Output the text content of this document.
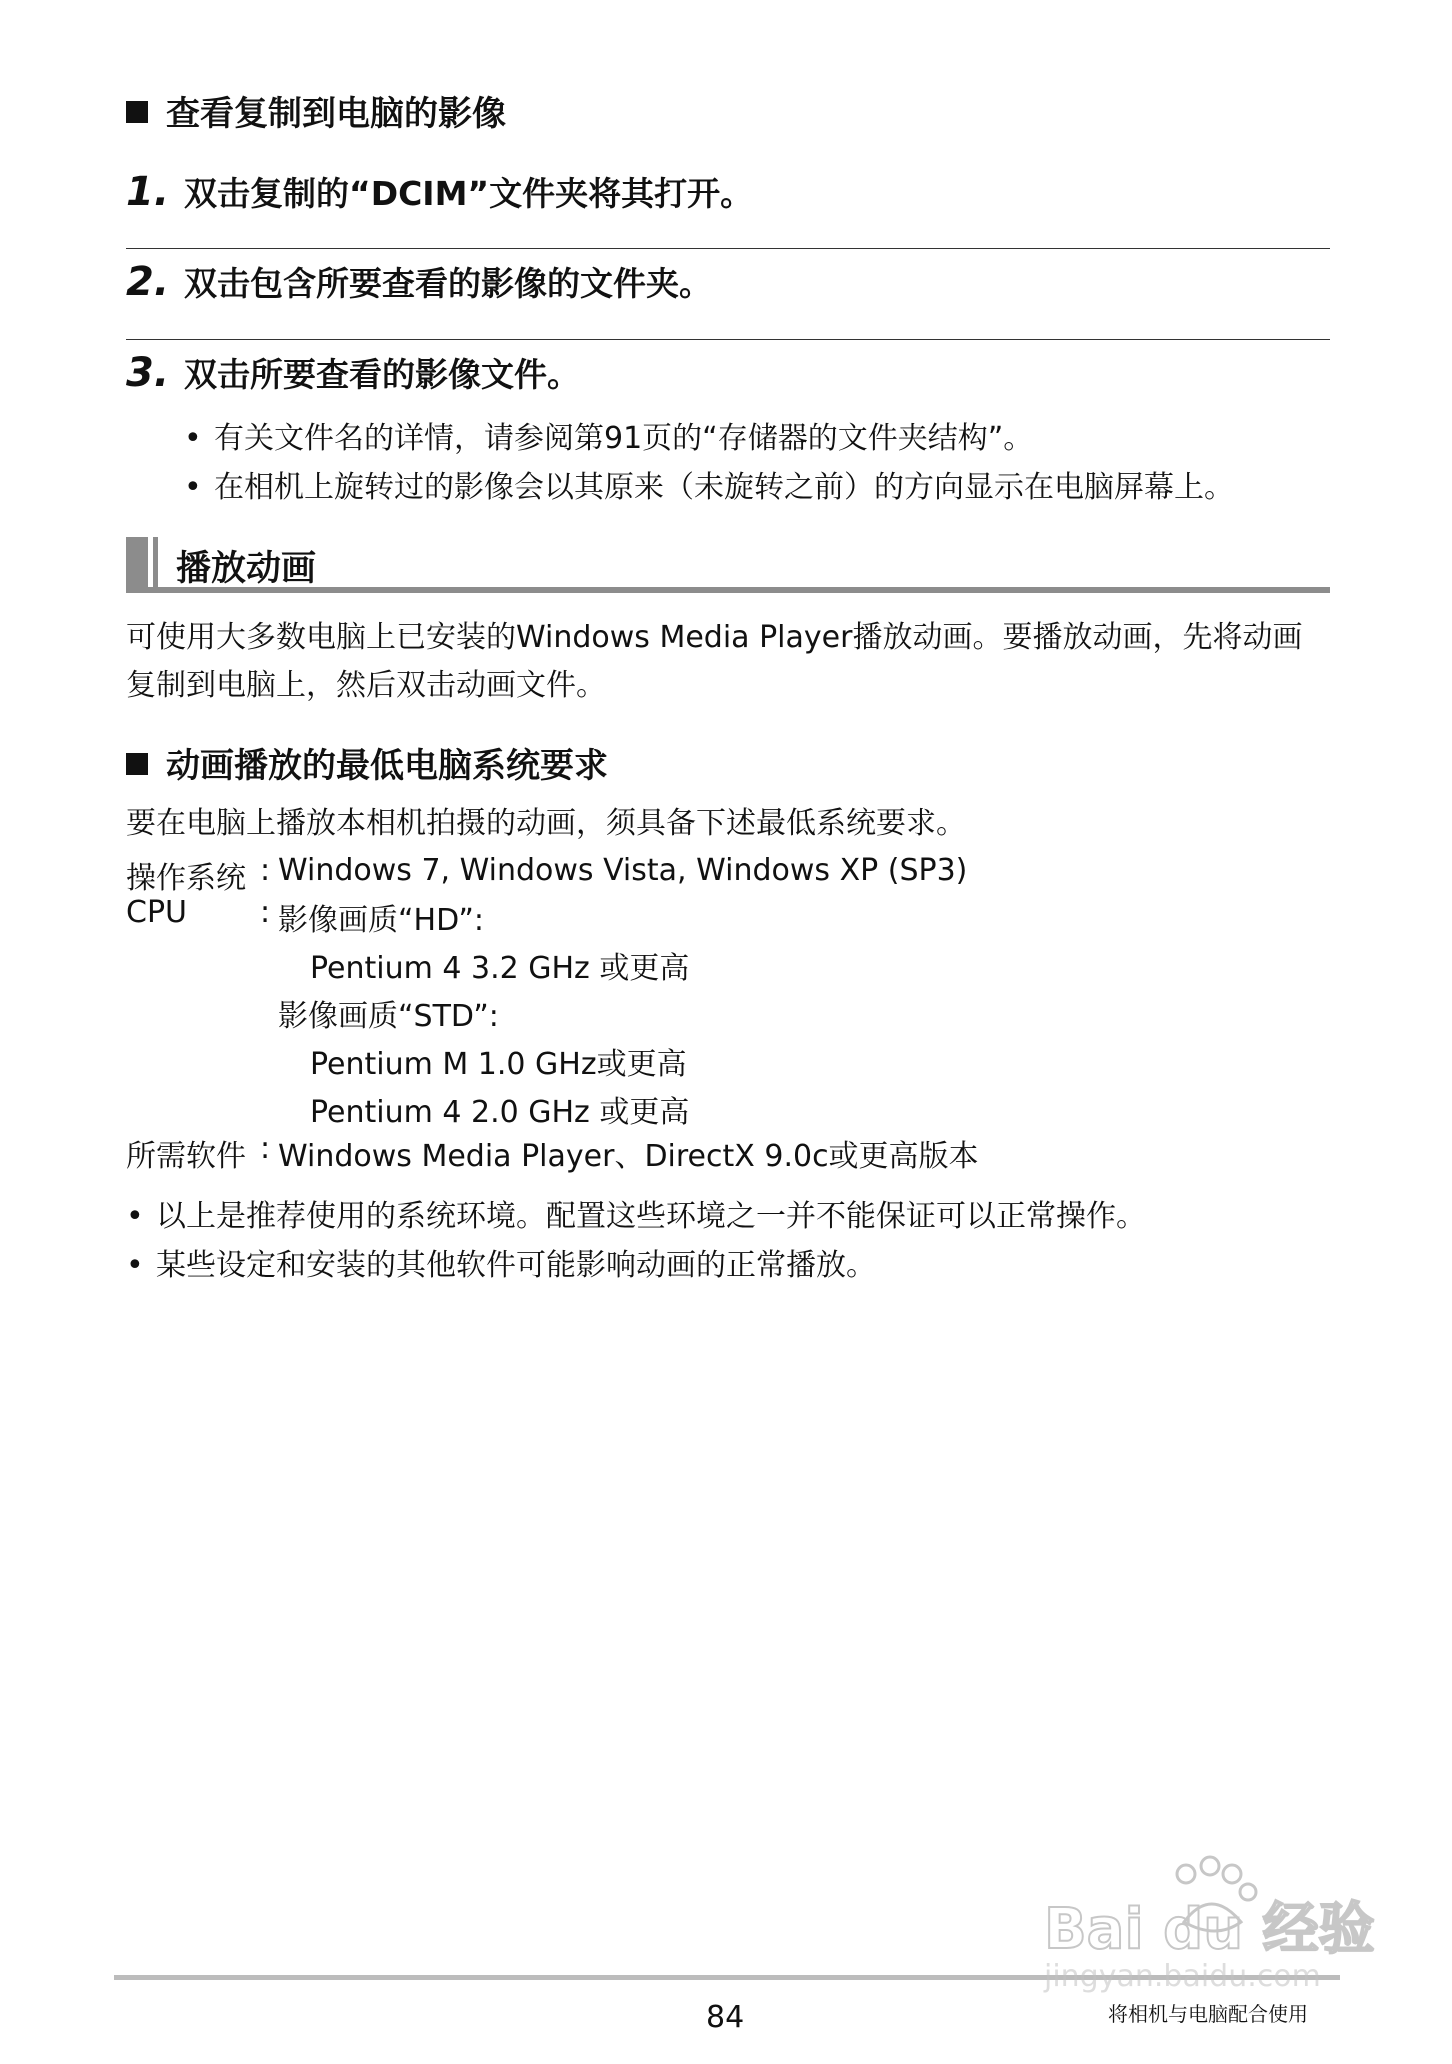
查看复制到电脑的影像
1. 双击复制的“DCIM”文件夹将其打开。
2. 双击包含所要查看的影像的文件夹。
3. 双击所要查看的影像文件。
• 有关文件名的详情，请参阅第91页的“存储器的文件夹结构”。
• 在相机上旋转过的影像会以其原来（未旋转之前）的方向显示在电脑屏幕上。
播放动画
可使用大多数电脑上已安装的Windows Media Player播放动画。要播放动画，先将动画
复制到电脑上，然后双击动画文件。
动画播放的最低电脑系统要求
要在电脑上播放本相机拍摄的动画，须具备下述最低系统要求。
操作系统 : Windows 7, Windows Vista, Windows XP (SP3)
CPU : 影像画质“HD”:
Pentium 4 3.2 GHz 或更高
影像画质“STD”:
Pentium M 1.0 GHz或更高
Pentium 4 2.0 GHz 或更高
所需软件 : Windows Media Player、DirectX 9.0c或更高版本
• 以上是推荐使用的系统环境。配置这些环境之一并不能保证可以正常操作。
• 某些设定和安装的其他软件可能影响动画的正常播放。
84	将相机与电脑配合使用
Bai du 经验
jingyan.baidu.com
